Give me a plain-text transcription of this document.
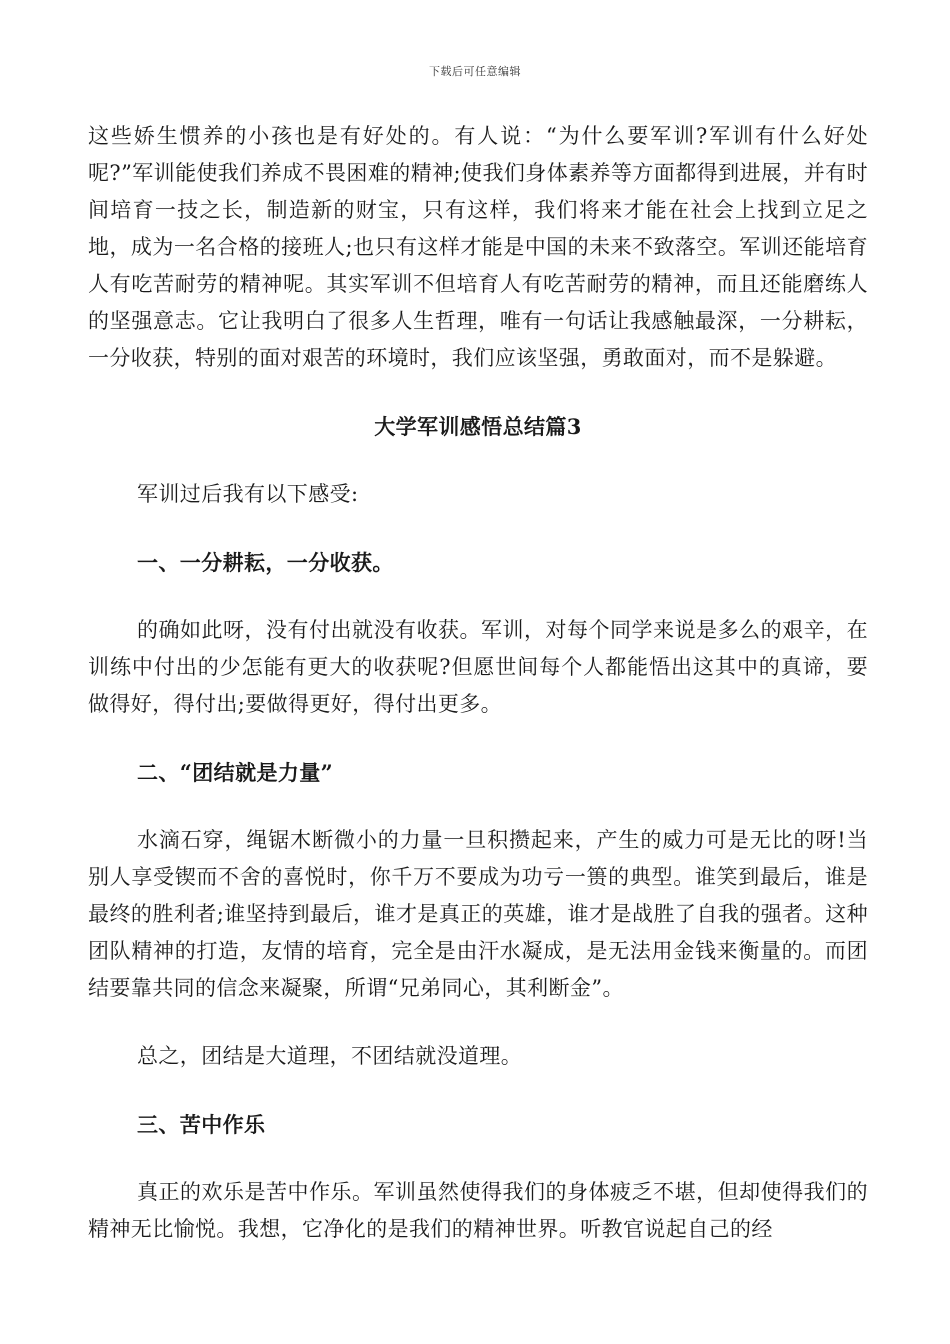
下载后可任意编辑

这些娇生惯养的小孩也是有好处的。有人说：“为什么要军训?军训有什么好处呢?”军训能使我们养成不畏困难的精神;使我们身体素养等方面都得到进展，并有时间培育一技之长，制造新的财宝，只有这样，我们将来才能在社会上找到立足之地，成为一名合格的接班人;也只有这样才能是中国的未来不致落空。军训还能培育人有吃苦耐劳的精神呢。其实军训不但培育人有吃苦耐劳的精神，而且还能磨练人的坚强意志。它让我明白了很多人生哲理，唯有一句话让我感触最深，一分耕耘，一分收获，特别的面对艰苦的环境时，我们应该坚强，勇敢面对，而不是躲避。

大学军训感悟总结篇3

军训过后我有以下感受:

一、一分耕耘，一分收获。

的确如此呀，没有付出就没有收获。军训，对每个同学来说是多么的艰辛，在训练中付出的少怎能有更大的收获呢?但愿世间每个人都能悟出这其中的真谛，要做得好，得付出;要做得更好，得付出更多。

二、“团结就是力量”

水滴石穿，绳锯木断微小的力量一旦积攒起来，产生的威力可是无比的呀!当别人享受锲而不舍的喜悦时，你千万不要成为功亏一篑的典型。谁笑到最后，谁是最终的胜利者;谁坚持到最后，谁才是真正的英雄，谁才是战胜了自我的强者。这种团队精神的打造，友情的培育，完全是由汗水凝成，是无法用金钱来衡量的。而团结要靠共同的信念来凝聚，所谓“兄弟同心，其利断金”。

总之，团结是大道理，不团结就没道理。

三、苦中作乐

真正的欢乐是苦中作乐。军训虽然使得我们的身体疲乏不堪，但却使得我们的精神无比愉悦。我想，它净化的是我们的精神世界。听教官说起自己的经
